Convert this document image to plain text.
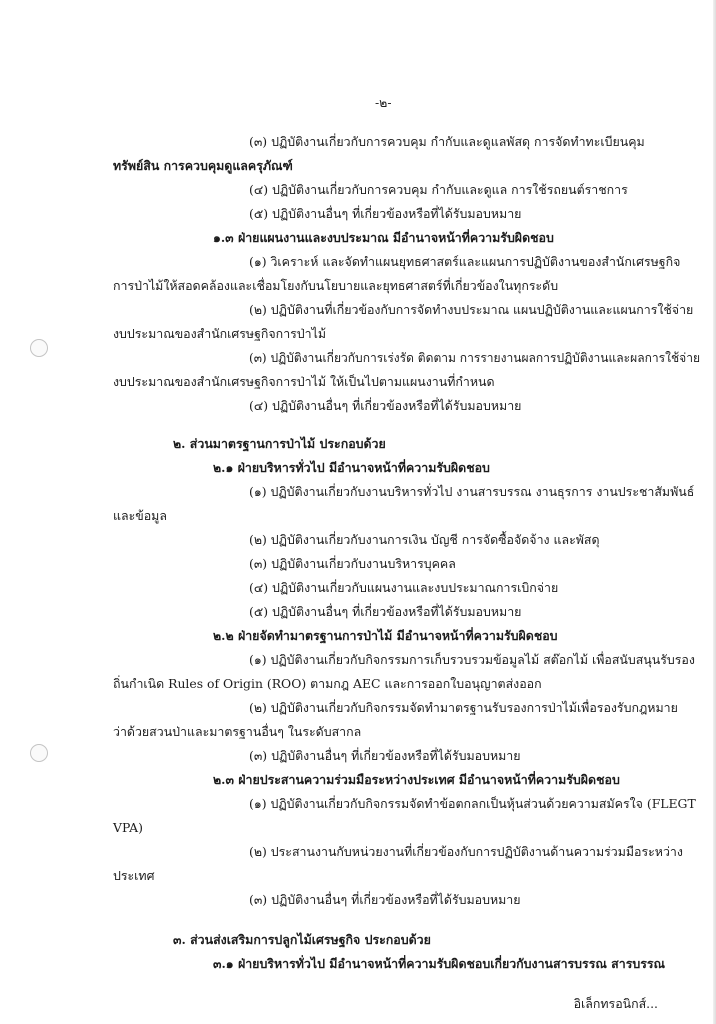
-๒-
(๓) ปฏิบัติงานเกี่ยวกับการควบคุม กำกับและดูแลพัสดุ การจัดทำทะเบียนคุม
ทรัพย์สิน การควบคุมดูแลครุภัณฑ์
(๔) ปฏิบัติงานเกี่ยวกับการควบคุม กำกับและดูแล การใช้รถยนต์ราชการ
(๕) ปฏิบัติงานอื่นๆ ที่เกี่ยวข้องหรือที่ได้รับมอบหมาย
๑.๓ ฝ่ายแผนงานและงบประมาณ มีอำนาจหน้าที่ความรับผิดชอบ
(๑) วิเคราะห์ และจัดทำแผนยุทธศาสตร์และแผนการปฏิบัติงานของสำนักเศรษฐกิจ
การป่าไม้ให้สอดคล้องและเชื่อมโยงกับนโยบายและยุทธศาสตร์ที่เกี่ยวข้องในทุกระดับ
(๒) ปฏิบัติงานที่เกี่ยวข้องกับการจัดทำงบประมาณ แผนปฏิบัติงานและแผนการใช้จ่าย
งบประมาณของสำนักเศรษฐกิจการป่าไม้
(๓) ปฏิบัติงานเกี่ยวกับการเร่งรัด ติดตาม การรายงานผลการปฏิบัติงานและผลการใช้จ่าย
งบประมาณของสำนักเศรษฐกิจการป่าไม้ ให้เป็นไปตามแผนงานที่กำหนด
(๔) ปฏิบัติงานอื่นๆ ที่เกี่ยวข้องหรือที่ได้รับมอบหมาย
๒. ส่วนมาตรฐานการป่าไม้ ประกอบด้วย
๒.๑ ฝ่ายบริหารทั่วไป มีอำนาจหน้าที่ความรับผิดชอบ
(๑) ปฏิบัติงานเกี่ยวกับงานบริหารทั่วไป งานสารบรรณ งานธุรการ งานประชาสัมพันธ์
และข้อมูล
(๒) ปฏิบัติงานเกี่ยวกับงานการเงิน บัญชี การจัดซื้อจัดจ้าง และพัสดุ
(๓) ปฏิบัติงานเกี่ยวกับงานบริหารบุคคล
(๔) ปฏิบัติงานเกี่ยวกับแผนงานและงบประมาณการเบิกจ่าย
(๕) ปฏิบัติงานอื่นๆ ที่เกี่ยวข้องหรือที่ได้รับมอบหมาย
๒.๒ ฝ่ายจัดทำมาตรฐานการป่าไม้ มีอำนาจหน้าที่ความรับผิดชอบ
(๑) ปฏิบัติงานเกี่ยวกับกิจกรรมการเก็บรวบรวมข้อมูลไม้ สต๊อกไม้ เพื่อสนับสนุนรับรอง
ถิ่นกำเนิด Rules of Origin (ROO) ตามกฎ AEC และการออกใบอนุญาตส่งออก
(๒) ปฏิบัติงานเกี่ยวกับกิจกรรมจัดทำมาตรฐานรับรองการป่าไม้เพื่อรองรับกฎหมาย
ว่าด้วยสวนป่าและมาตรฐานอื่นๆ ในระดับสากล
(๓) ปฏิบัติงานอื่นๆ ที่เกี่ยวข้องหรือที่ได้รับมอบหมาย
๒.๓ ฝ่ายประสานความร่วมมือระหว่างประเทศ มีอำนาจหน้าที่ความรับผิดชอบ
(๑) ปฏิบัติงานเกี่ยวกับกิจกรรมจัดทำข้อตกลกเป็นหุ้นส่วนด้วยความสมัครใจ (FLEGT
VPA)
(๒) ประสานงานกับหน่วยงานที่เกี่ยวข้องกับการปฏิบัติงานด้านความร่วมมือระหว่าง
ประเทศ
(๓) ปฏิบัติงานอื่นๆ ที่เกี่ยวข้องหรือที่ได้รับมอบหมาย
๓. ส่วนส่งเสริมการปลูกไม้เศรษฐกิจ ประกอบด้วย
๓.๑ ฝ่ายบริหารทั่วไป มีอำนาจหน้าที่ความรับผิดชอบเกี่ยวกับงานสารบรรณ สารบรรณ
อิเล็กทรอนิกส์...
